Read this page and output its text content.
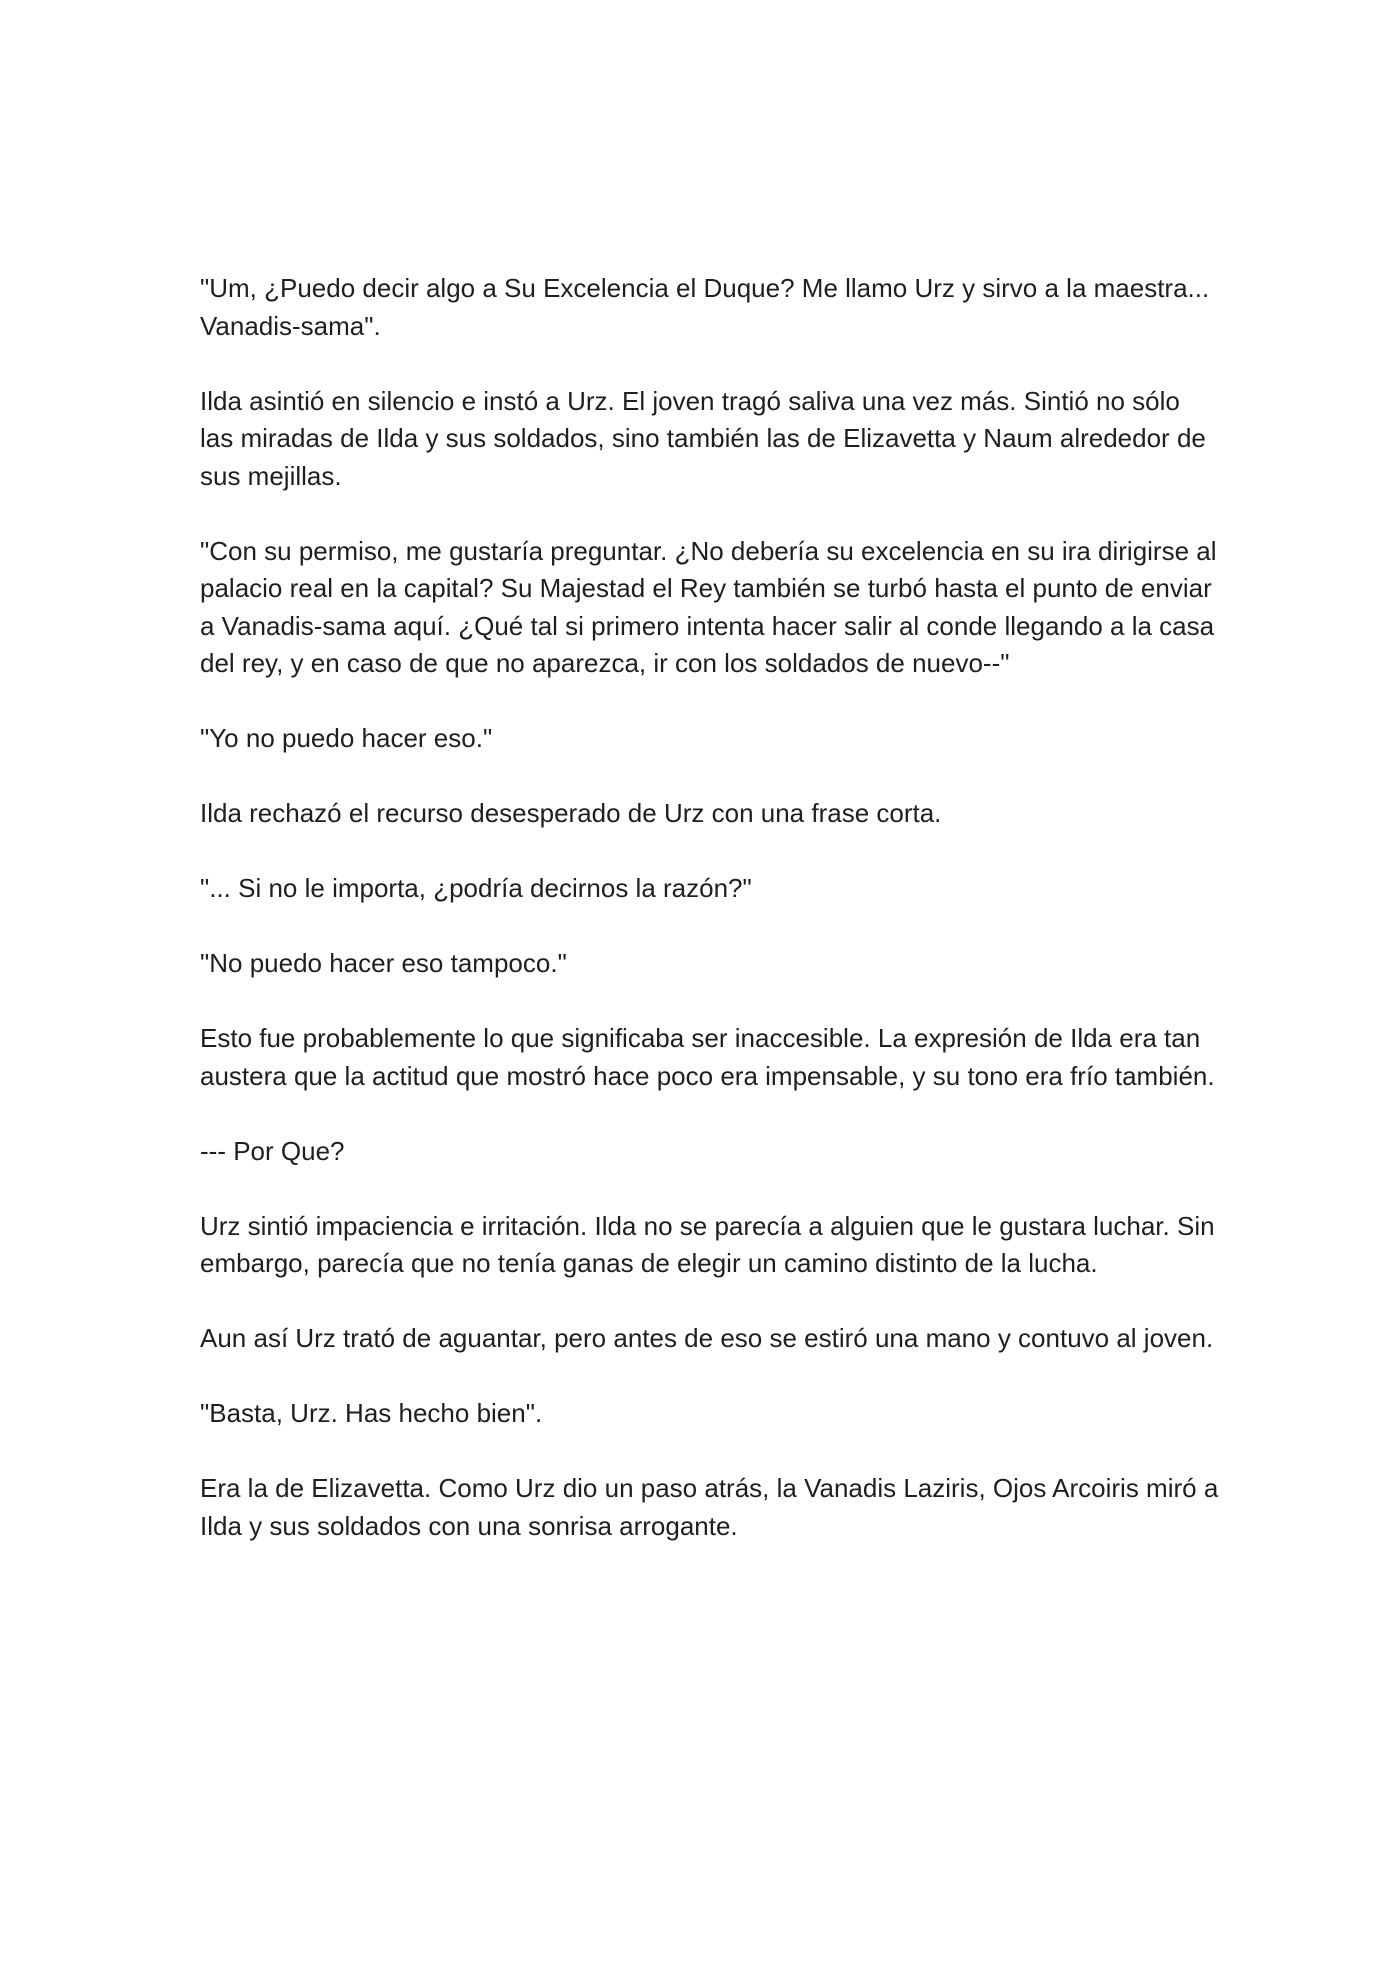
"Um, ¿Puedo decir algo a Su Excelencia el Duque? Me llamo Urz y sirvo a la maestra... Vanadis-sama".

Ilda asintió en silencio e instó a Urz. El joven tragó saliva una vez más. Sintió no sólo las miradas de Ilda y sus soldados, sino también las de Elizavetta y Naum alrededor de sus mejillas.

"Con su permiso, me gustaría preguntar. ¿No debería su excelencia en su ira dirigirse al palacio real en la capital? Su Majestad el Rey también se turbó hasta el punto de enviar a Vanadis-sama aquí. ¿Qué tal si primero intenta hacer salir al conde llegando a la casa del rey, y en caso de que no aparezca, ir con los soldados de nuevo--"

"Yo no puedo hacer eso."

Ilda rechazó el recurso desesperado de Urz con una frase corta.

"... Si no le importa, ¿podría decirnos la razón?"

"No puedo hacer eso tampoco."

Esto fue probablemente lo que significaba ser inaccesible. La expresión de Ilda era tan austera que la actitud que mostró hace poco era impensable, y su tono era frío también.

--- Por Que?

Urz sintió impaciencia e irritación. Ilda no se parecía a alguien que le gustara luchar. Sin embargo, parecía que no tenía ganas de elegir un camino distinto de la lucha.

Aun así Urz trató de aguantar, pero antes de eso se estiró una mano y contuvo al joven.

"Basta, Urz. Has hecho bien".

Era la de Elizavetta. Como Urz dio un paso atrás, la Vanadis Laziris, Ojos Arcoiris miró a Ilda y sus soldados con una sonrisa arrogante.
